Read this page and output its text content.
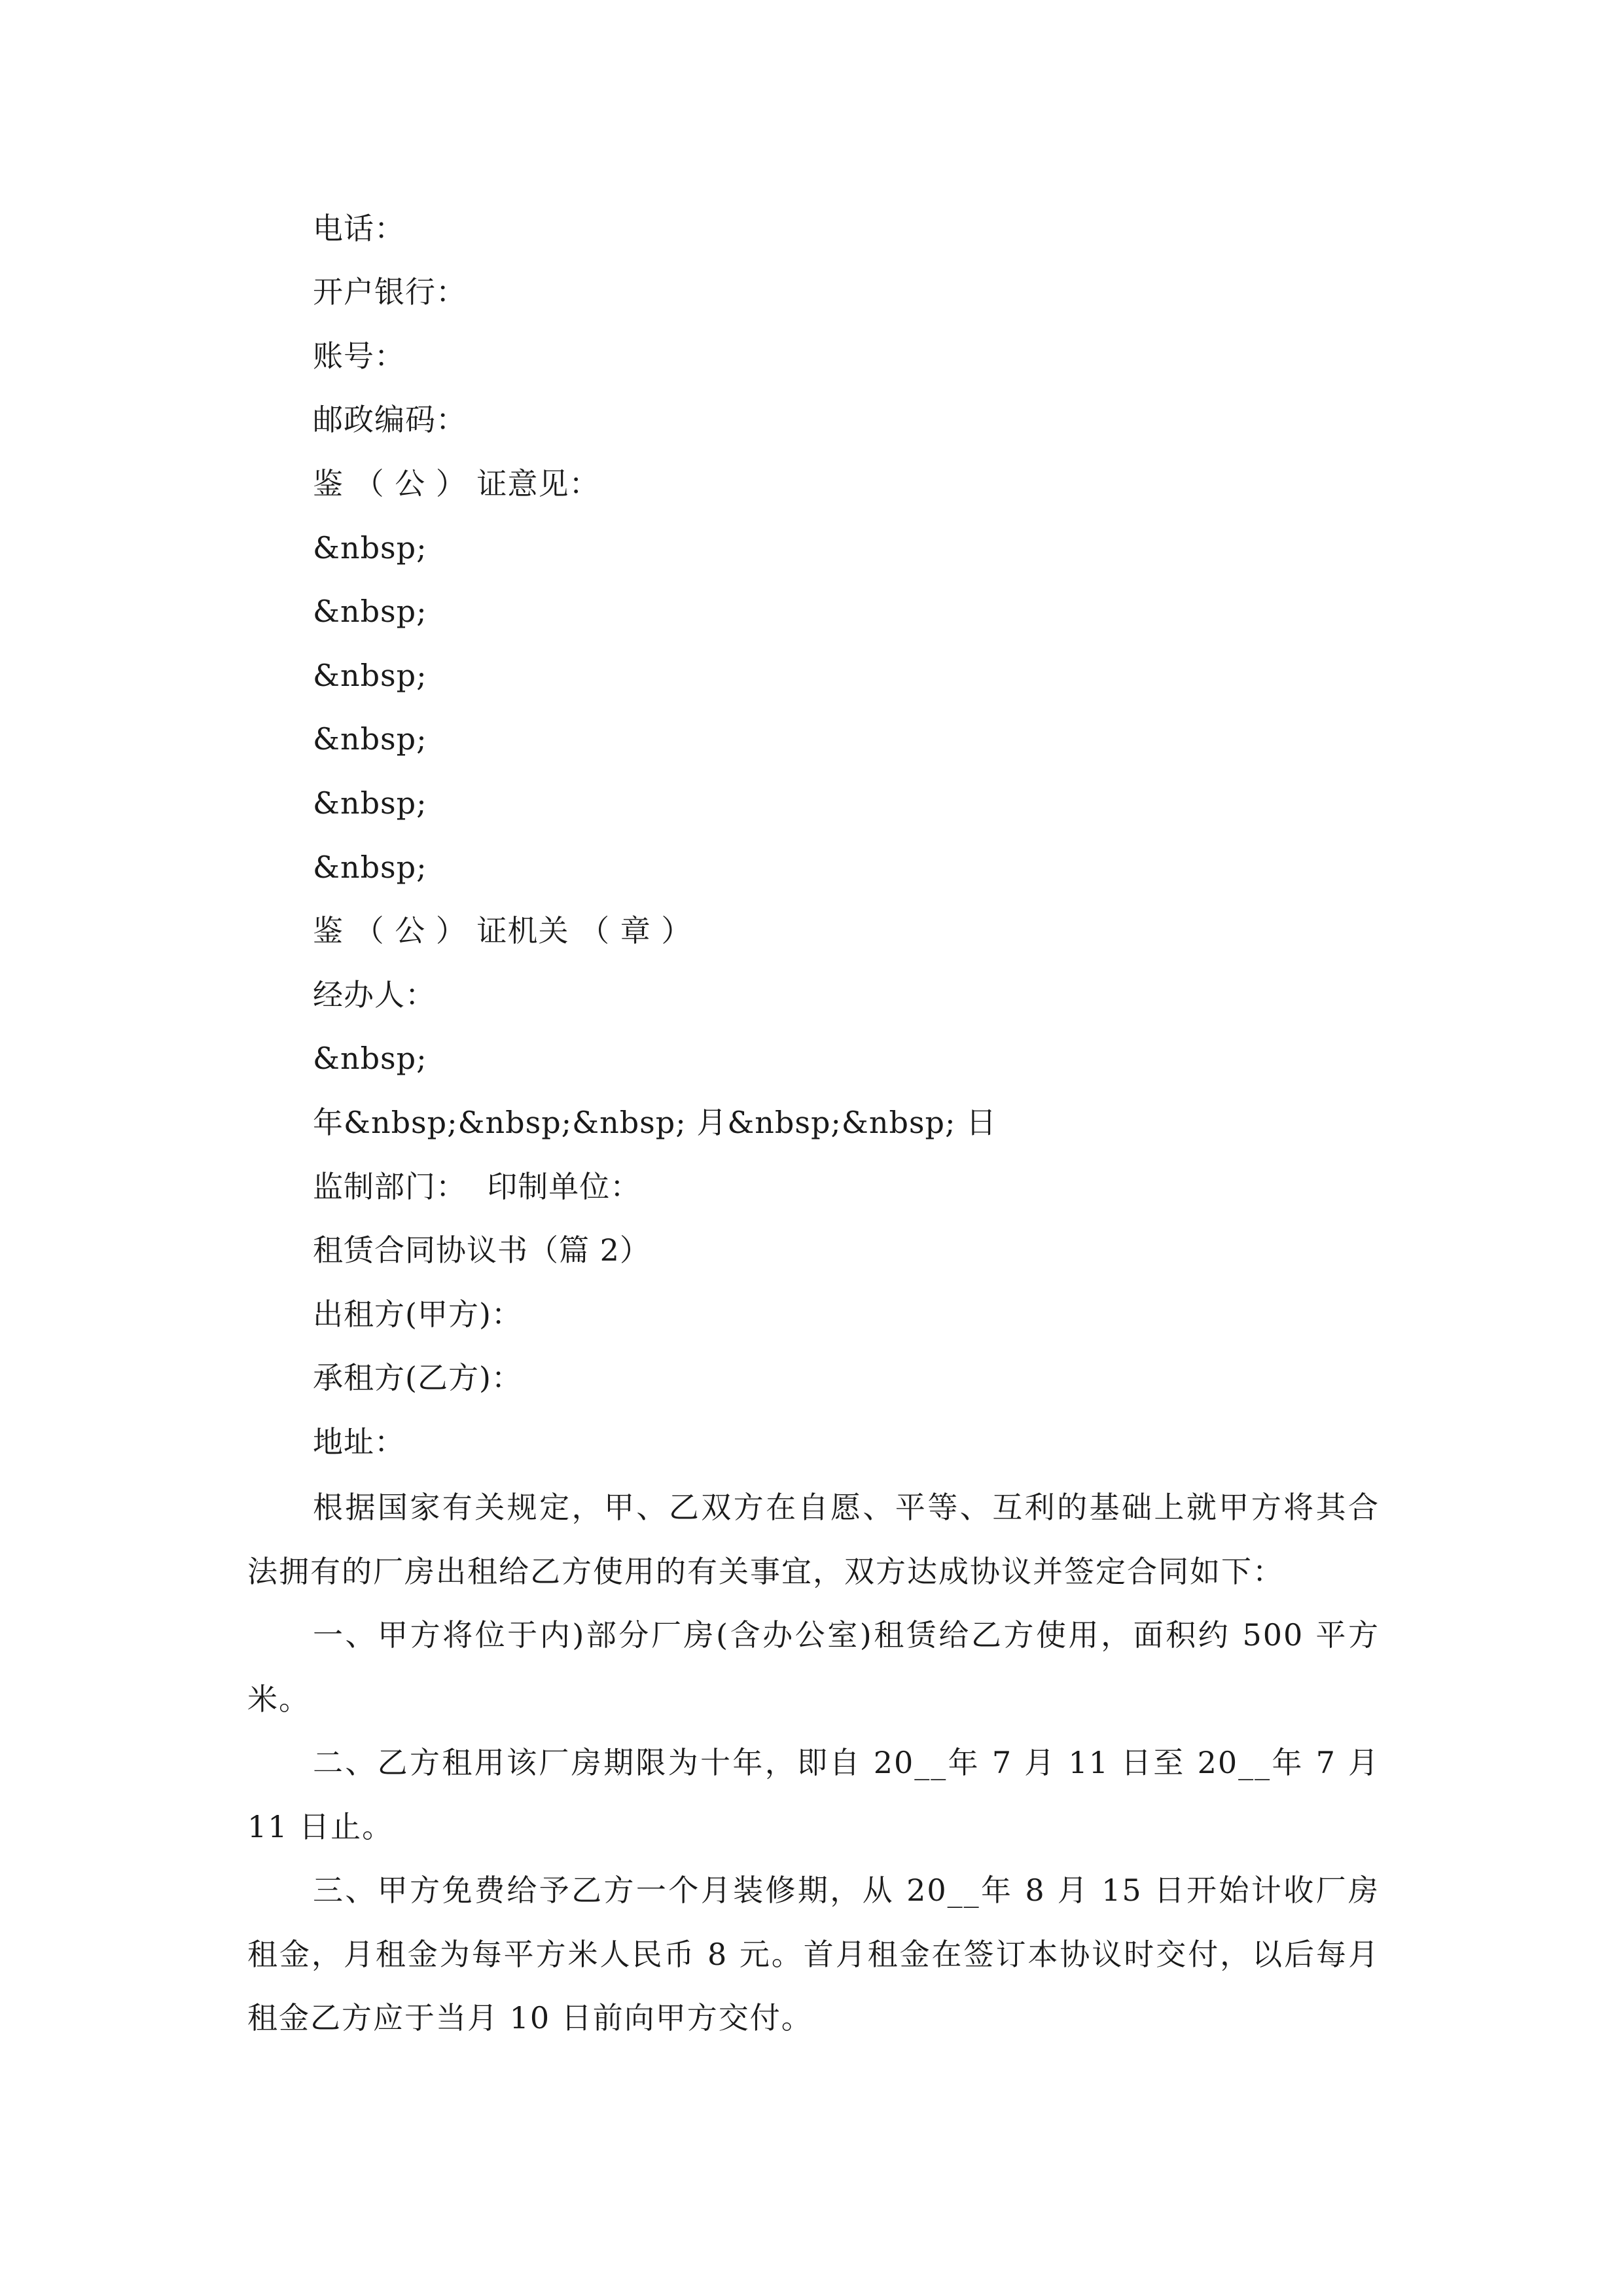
电话：
开户银行：
账号：
邮政编码：
鉴 （ 公 ） 证意见：
&nbsp;
&nbsp;
&nbsp;
&nbsp;
&nbsp;
&nbsp;
鉴 （ 公 ） 证机关 （ 章 ）
经办人：
&nbsp;
年&nbsp;&nbsp;&nbsp; 月&nbsp;&nbsp; 日
监制部门：  印制单位：
租赁合同协议书（篇 2）
出租方(甲方)：
承租方(乙方)：
地址：
根据国家有关规定，甲、乙双方在自愿、平等、互利的基础上就甲方将其合法拥有的厂房出租给乙方使用的有关事宜，双方达成协议并签定合同如下：
一、甲方将位于内)部分厂房(含办公室)租赁给乙方使用，面积约 500 平方米。
二、乙方租用该厂房期限为十年，即自 20__年 7 月 11 日至 20__年 7 月 11 日止。
三、甲方免费给予乙方一个月装修期，从 20__年 8 月 15 日开始计收厂房租金，月租金为每平方米人民币 8 元。首月租金在签订本协议时交付，以后每月租金乙方应于当月 10 日前向甲方交付。
